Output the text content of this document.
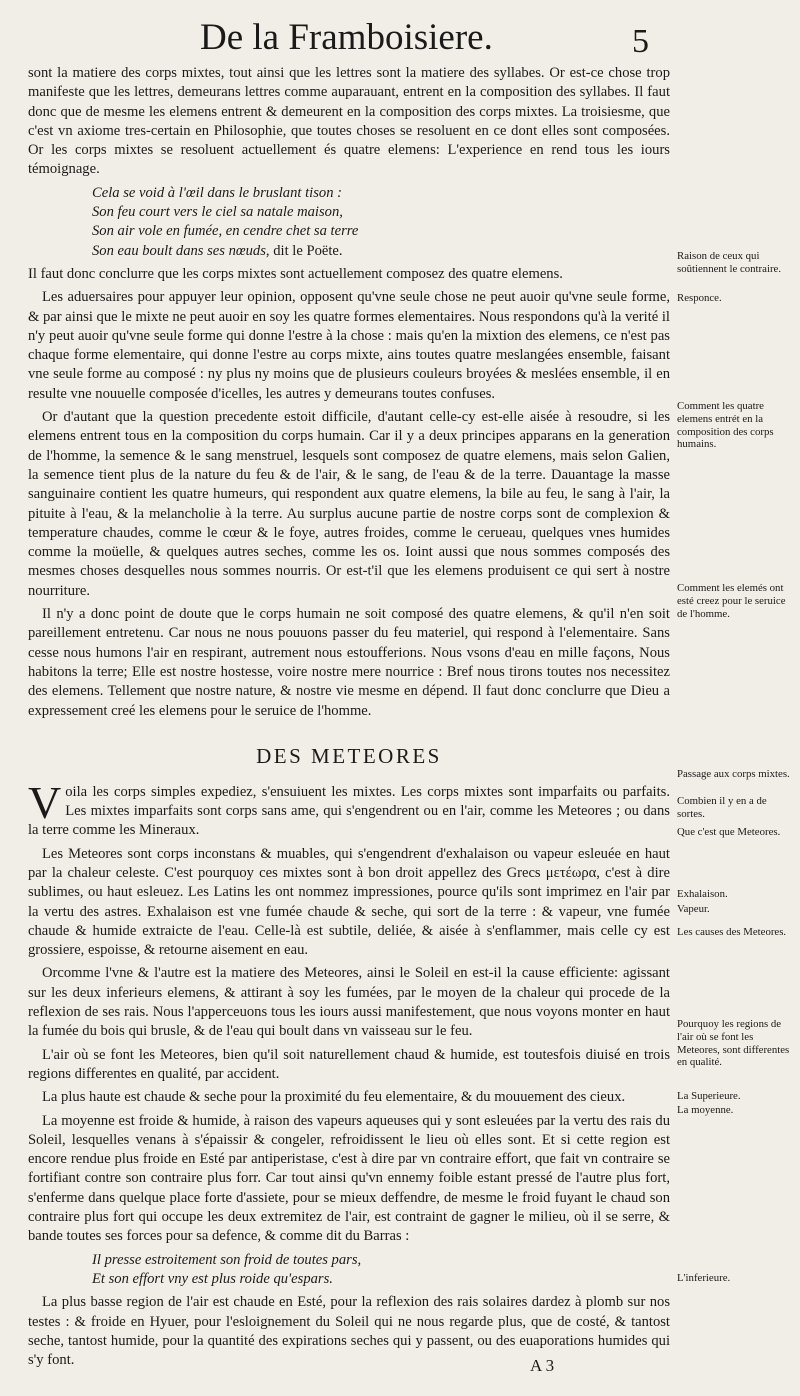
De la Framboisiere.	5

sont la matiere des corps mixtes, tout ainsi que les lettres sont la matiere des syllabes. Or est-ce chose trop manifeste que les lettres, demeurans lettres comme auparauant, entrent en la composition des syllabes. Il faut donc que de mesme les elemens entrent & demeurent en la composition des corps mixtes. La troisiesme, que c'est vn axiome tres-certain en Philosophie, que toutes choses se resoluent en ce dont elles sont composées. Or les corps mixtes se resoluent actuellement és quatre elemens: L'experience en rend tous les iours témoignage.

Cela se void à l'œil dans le bruslant tison :
Son feu court vers le ciel sa natale maison,
Son air vole en fumée, en cendre chet sa terre
Son eau boult dans ses nœuds, dit le Poëte.

Il faut donc conclurre que les corps mixtes sont actuellement composez des quatre elemens.

Les aduersaires pour appuyer leur opinion, opposent qu'vne seule chose ne peut auoir qu'vne seule forme, & par ainsi que le mixte ne peut auoir en soy les quatre formes elementaires. Nous respondons qu'à la verité il n'y peut auoir qu'vne seule forme qui donne l'estre à la chose : mais qu'en la mixtion des elemens, ce n'est pas chaque forme elementaire, qui donne l'estre au corps mixte, ains toutes quatre meslangées ensemble, faisant vne seule forme au composé : ny plus ny moins que de plusieurs couleurs broyées & meslées ensemble, il en resulte vne nouuelle composée d'icelles, les autres y demeurans toutes confuses.

Or d'autant que la question precedente estoit difficile, d'autant celle-cy est-elle aisée à resoudre, si les elemens entrent tous en la composition du corps humain. Car il y a deux principes apparans en la generation de l'homme, la semence & le sang menstruel, lesquels sont composez de quatre elemens, mais selon Galien, la semence tient plus de la nature du feu & de l'air, & le sang, de l'eau & de la terre. Dauantage la masse sanguinaire contient les quatre humeurs, qui respondent aux quatre elemens, la bile au feu, le sang à l'air, la pituite à l'eau, & la melancholie à la terre. Au surplus aucune partie de nostre corps sont de complexion & temperature chaudes, comme le cœur & le foye, autres froides, comme le cerueau, quelques vnes humides comme la moüelle, & quelques autres seches, comme les os. Ioint aussi que nous sommes composés des mesmes choses desquelles nous sommes nourris. Or est-t'il que les elemens produisent ce qui sert à nostre nourriture.

Il n'y a donc point de doute que le corps humain ne soit composé des quatre elemens, & qu'il n'en soit pareillement entretenu. Car nous ne nous pouuons passer du feu materiel, qui respond à l'elementaire. Sans cesse nous humons l'air en respirant, autrement nous estoufferions. Nous vsons d'eau en mille façons, Nous habitons la terre; Elle est nostre hostesse, voire nostre mere nourrice : Bref nous tirons toutes nos necessitez des elemens. Tellement que nostre nature, & nostre vie mesme en dépend. Il faut donc conclurre que Dieu a expressement creé les elemens pour le seruice de l'homme.

DES METEORES

Voila les corps simples expediez, s'ensuiuent les mixtes. Les corps mixtes sont imparfaits ou parfaits. Les mixtes imparfaits sont corps sans ame, qui s'engendrent ou en l'air, comme les Meteores ; ou dans la terre comme les Mineraux.

Les Meteores sont corps inconstans & muables, qui s'engendrent d'exhalaison ou vapeur esleuée en haut par la chaleur celeste. C'est pourquoy ces mixtes sont à bon droit appellez des Grecs μετέωρα, c'est à dire sublimes, ou haut esleuez. Les Latins les ont nommez impressiones, pource qu'ils sont imprimez en l'air par la vertu des astres. Exhalaison est vne fumée chaude & seche, qui sort de la terre : & vapeur, vne fumée chaude & humide extraicte de l'eau. Celle-là est subtile, deliée, & aisée à s'enflammer, mais celle cy est grossiere, espoisse, & retourne aisement en eau.

Orcomme l'vne & l'autre est la matiere des Meteores, ainsi le Soleil en est-il la cause efficiente: agissant sur les deux inferieurs elemens, & attirant à soy les fumées, par le moyen de la chaleur qui procede de la reflexion de ses rais. Nous l'apperceuons tous les iours aussi manifestement, que nous voyons monter en haut la fumée du bois qui brusle, & de l'eau qui boult dans vn vaisseau sur le feu.

L'air où se font les Meteores, bien qu'il soit naturellement chaud & humide, est toutesfois diuisé en trois regions differentes en qualité, par accident.

La plus haute est chaude & seche pour la proximité du feu elementaire, & du mouuement des cieux.

La moyenne est froide & humide, à raison des vapeurs aqueuses qui y sont esleuées par la vertu des rais du Soleil, lesquelles venans à s'épaissir & congeler, refroidissent le lieu où elles sont. Et si cette region est encore rendue plus froide en Esté par antiperistase, c'est à dire par vn contraire effort, que fait vn contraire se fortifiant contre son contraire plus forr. Car tout ainsi qu'vn ennemy foible estant pressé de l'autre plus fort, s'enferme dans quelque place forte d'assiete, pour se mieux deffendre, de mesme le froid fuyant le chaud son contraire plus fort qui occupe les deux extremitez de l'air, est contraint de gagner le milieu, où il se serre, & bande toutes ses forces pour sa defence, & comme dit du Barras :

Il presse estroitement son froid de toutes pars,
Et son effort vny est plus roide qu'espars.

La plus basse region de l'air est chaude en Esté, pour la reflexion des rais solaires dardez à plomb sur nos testes : & froide en Hyuer, pour l'esloignement du Soleil qui ne nous regarde plus, que de costé, & tantost seche, tantost humide, pour la quantité des expirations seches qui y passent, ou des euaporations humides qui s'y font.

Raison de ceux qui soûtiennent le contraire.
Responce.
Comment les quatre elemens entrét en la composition des corps humains.
Comment les elemés ont esté creez pour le seruice de l'homme.
Passage aux corps mixtes.
Combien il y en a de sortes.
Que c'est que Meteores.
Exhalaison.
Vapeur.
Les causes des Meteores.
Pourquoy les regions de l'air où se font les Meteores, sont differentes en qualité.
La Superieure.
La moyenne.
L'inferieure.
A 3
